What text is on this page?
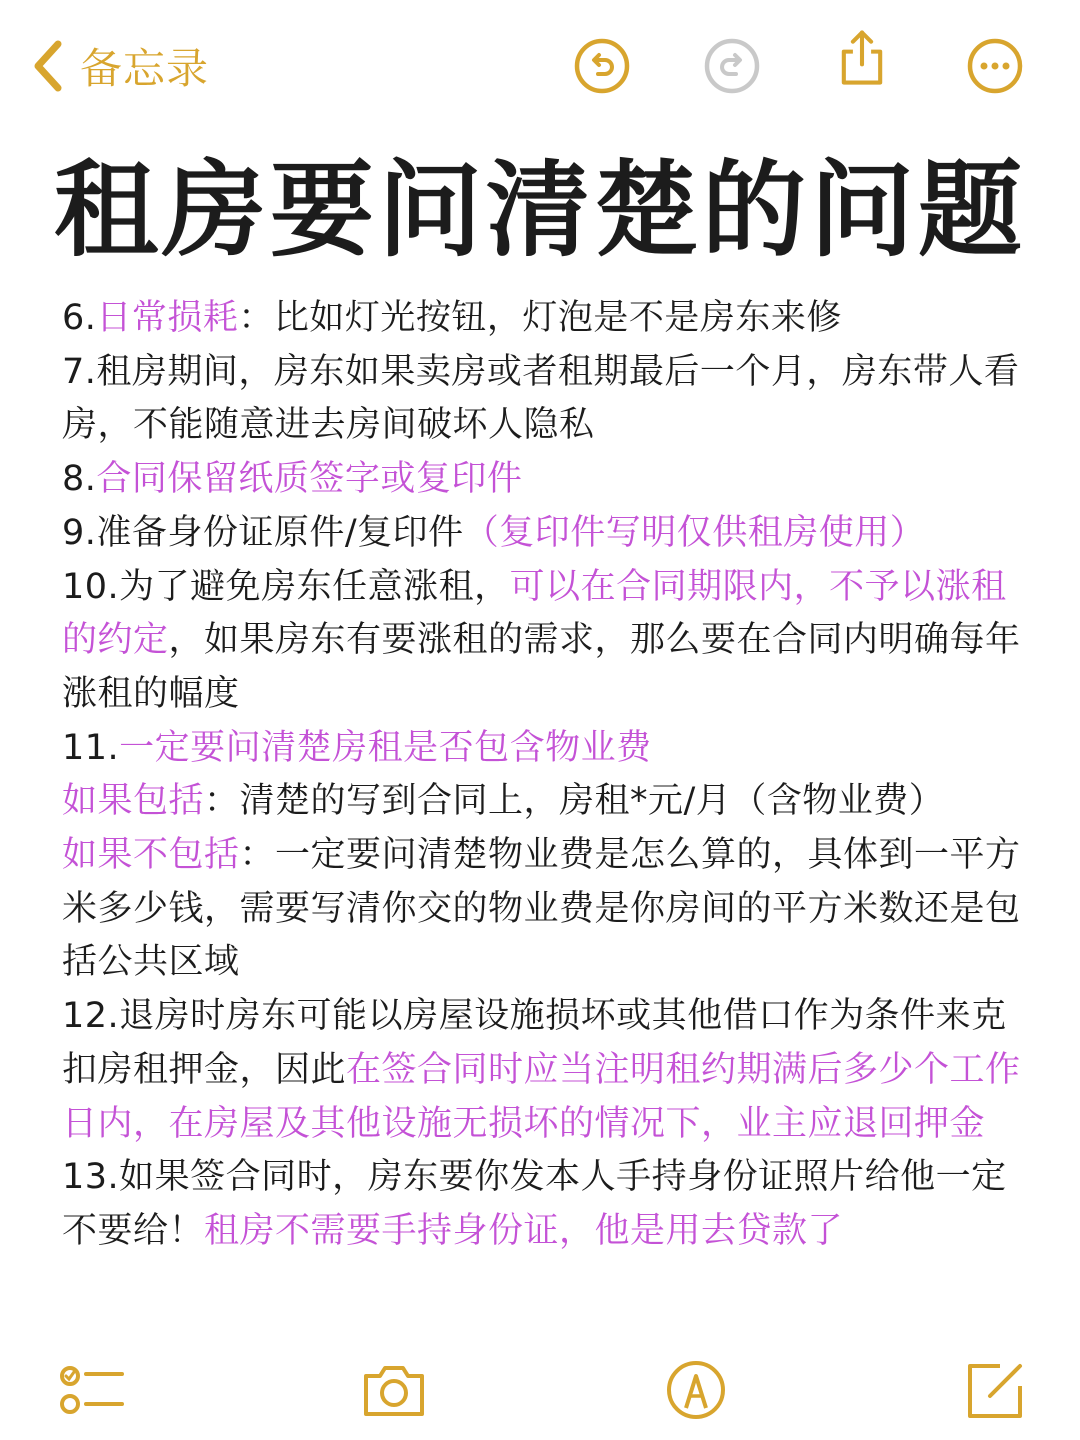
备忘录
租房要问清楚的问题

6.日常损耗：比如灯光按钮，灯泡是不是房东来修

7.租房期间，房东如果卖房或者租期最后一个月，房东带人看房，不能随意进去房间破坏人隐私

8.合同保留纸质签字或复印件

9.准备身份证原件/复印件（复印件写明仅供租房使用）

10.为了避免房东任意涨租，可以在合同期限内，不予以涨租的约定，如果房东有要涨租的需求，那么要在合同内明确每年涨租的幅度

11.一定要问清楚房租是否包含物业费

如果包括：清楚的写到合同上，房租*元/月（含物业费）

如果不包括：一定要问清楚物业费是怎么算的，具体到一平方米多少钱，需要写清你交的物业费是你房间的平方米数还是包括公共区域

12.退房时房东可能以房屋设施损坏或其他借口作为条件来克扣房租押金，因此在签合同时应当注明租约期满后多少个工作日内，在房屋及其他设施无损坏的情况下，业主应退回押金

13.如果签合同时，房东要你发本人手持身份证照片给他一定不要给！租房不需要手持身份证，他是用去贷款了
